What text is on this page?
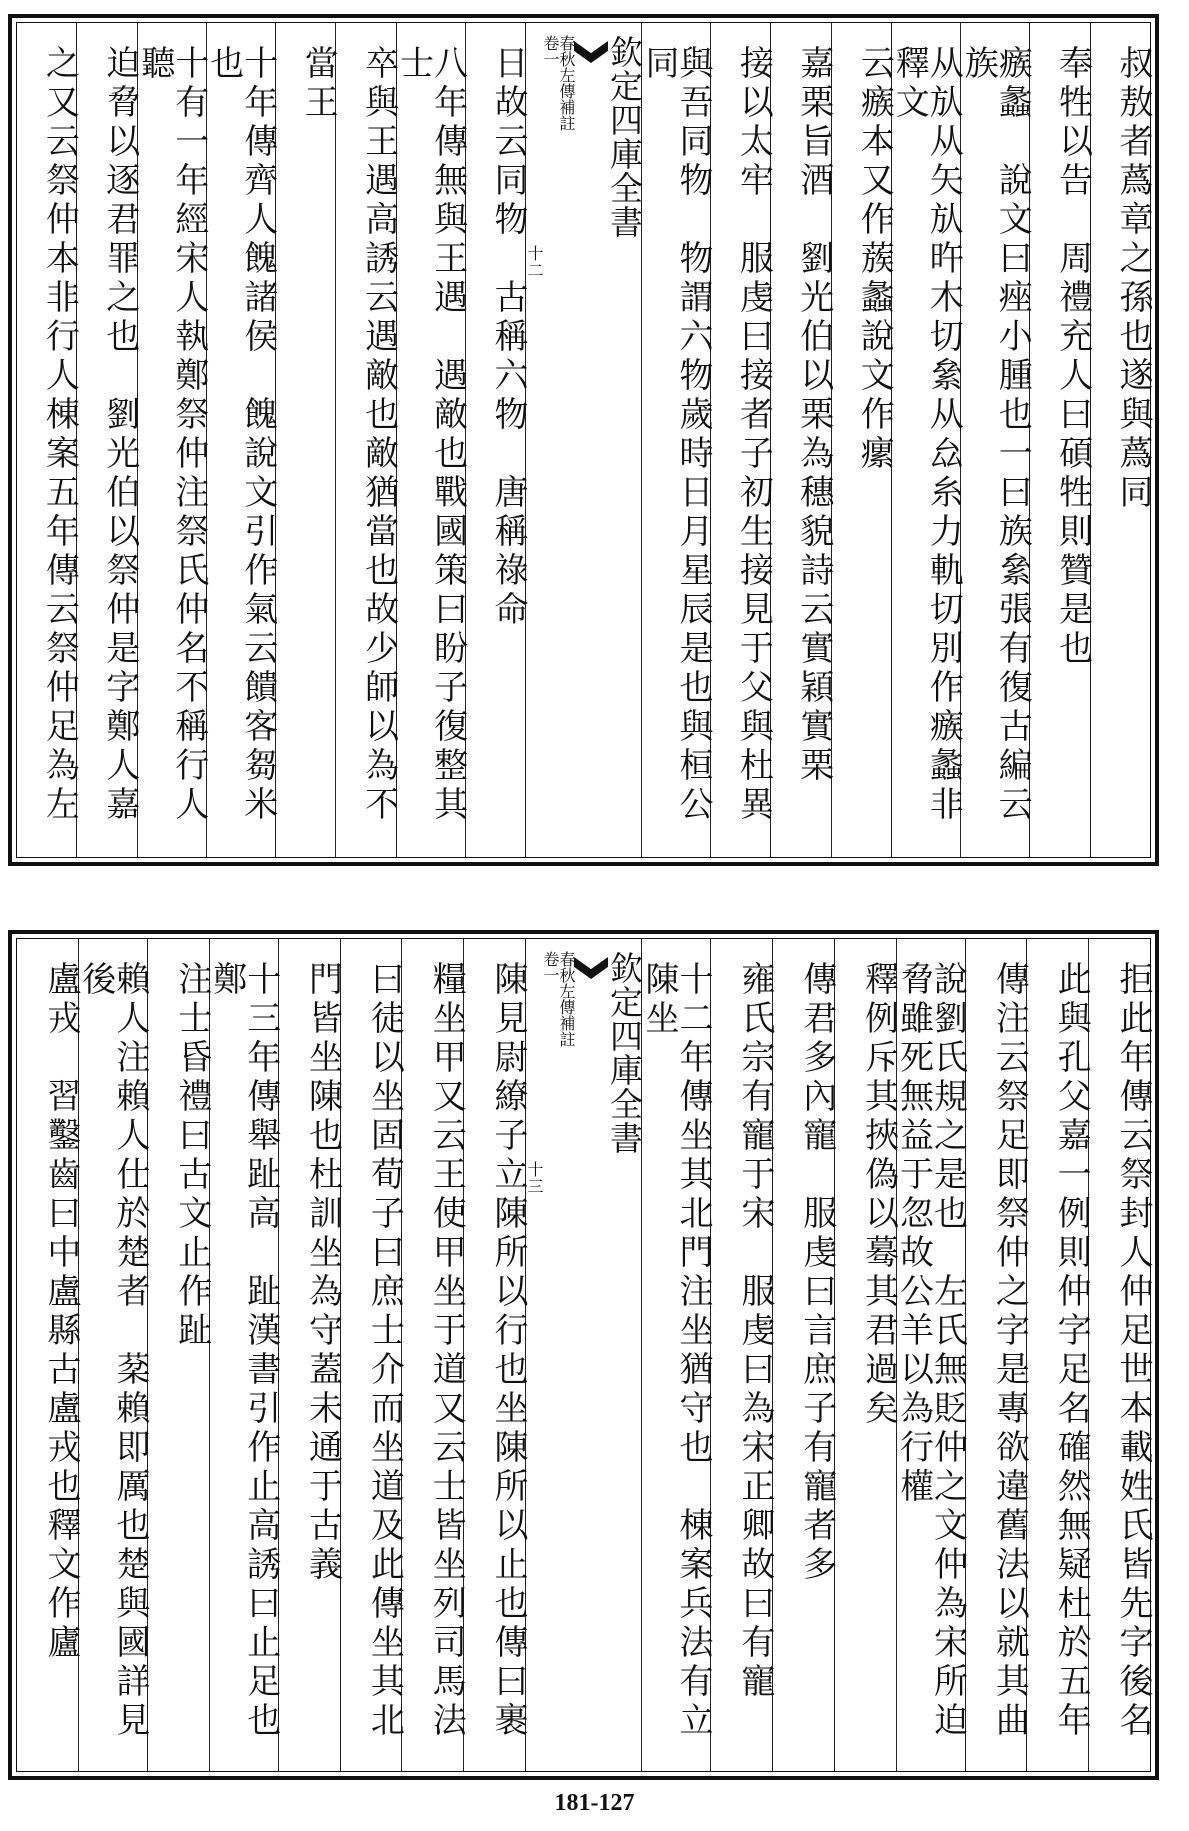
叔敖者蔿章之孫也遂與蔿同
奉牲以告　周禮充人曰碩牲則贊是也
瘯蠡　說文曰痤小腫也一曰族絫張有復古編云族
从㫃从矢㫃旿木切絫从厽糸力軌切別作瘯蠡非釋文
云瘯本又作蔟蠡說文作瘰
嘉栗旨酒　劉光伯以栗為穗貌詩云實穎實栗
接以太牢　服虔曰接者子初生接見于父與杜異
與吾同物　物謂六物歲時日月星辰是也與桓公同
欽定四庫全書
春秋左傳補註
卷一
十二
日故云同物　古稱六物　唐稱祿命
八年傳無與王遇　遇敵也戰國策曰盼子復整其士
卒與王遇高誘云遇敵也敵猶當也故少師以為不
當王
十年傳齊人餽諸侯　餽說文引作氣云饋客芻米也
十有一年經宋人執鄭祭仲注祭氏仲名不稱行人聽
迫脅以逐君罪之也　劉光伯以祭仲是字鄭人嘉
之又云祭仲本非行人棟案五年傳云祭仲足為左
拒此年傳云祭封人仲足世本載姓氏皆先字後名
此與孔父嘉一例則仲字足名確然無疑杜於五年
傳注云祭足即祭仲之字是專欲違舊法以就其曲
說劉氏規之是也　左氏無貶仲之文仲為宋所迫脅雖死無益于忽故公羊以為行權
釋例斥其挾偽以蓦其君過矣
傳君多內寵　服虔曰言庶子有寵者多
雍氏宗有寵于宋　服虔曰為宋正卿故曰有寵
十二年傳坐其北門注坐猶守也　棟案兵法有立陳坐
欽定四庫全書
春秋左傳補註
卷一
十三
陳見尉繚子立陳所以行也坐陳所以止也傳曰裹
糧坐甲又云王使甲坐于道又云士皆坐列司馬法
曰徒以坐固荀子曰庶士介而坐道及此傳坐其北
門皆坐陳也杜訓坐為守蓋未通于古義
十三年傳舉趾高　趾漢書引作止高誘曰止足也鄭
注士昏禮曰古文止作趾
賴人注賴人仕於楚者　棻賴即厲也楚與國詳見後
盧戎　習鑿齒曰中盧縣古盧戎也釋文作廬
181-127
